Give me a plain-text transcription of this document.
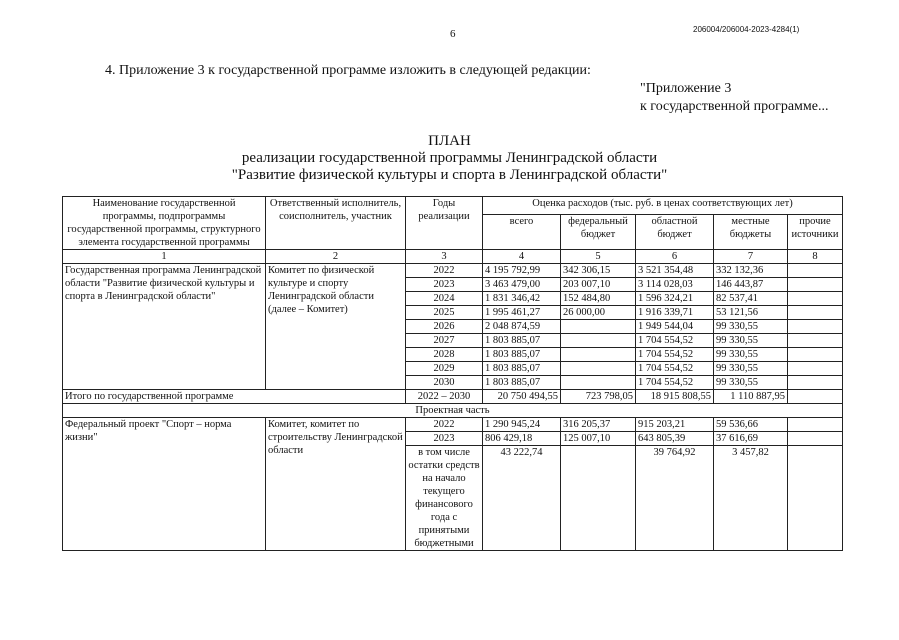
206004/206004-2023-4284(1)
6
4. Приложение 3 к государственной программе изложить в следующей редакции:
"Приложение 3
к государственной программе...
ПЛАН
реализации государственной программы Ленинградской области
"Развитие физической культуры и спорта в Ленинградской области"
Наименование государственной программы, подпрограммы государственной программы, структурного элемента государственной программы	Ответственный исполнитель, соисполнитель, участник	Годы реализации	Оценка расходов (тыс. руб. в ценах соответствующих лет)				
			всего	федеральный бюджет	областной бюджет	местные бюджеты	прочие источники
1	2	3	4	5	6	7	8
Государственная программа Ленинградской области "Развитие физической культуры и спорта в Ленинградской области"	Комитет по физической культуре и спорту Ленинградской области (далее – Комитет)	2022	4 195 792,99	342 306,15	3 521 354,48	332 132,36	
		2023	3 463 479,00	203 007,10	3 114 028,03	146 443,87	
		2024	1 831 346,42	152 484,80	1 596 324,21	82 537,41	
		2025	1 995 461,27	26 000,00	1 916 339,71	53 121,56	
		2026	2 048 874,59		1 949 544,04	99 330,55	
		2027	1 803 885,07		1 704 554,52	99 330,55	
		2028	1 803 885,07		1 704 554,52	99 330,55	
		2029	1 803 885,07		1 704 554,52	99 330,55	
		2030	1 803 885,07		1 704 554,52	99 330,55	
Итого по государственной программе		2022 – 2030	20 750 494,55	723 798,05	18 915 808,55	1 110 887,95	
Проектная часть							
Федеральный проект "Спорт – норма жизни"	Комитет, комитет по строительству Ленинградской области	2022	1 290 945,24	316 205,37	915 203,21	59 536,66	
		2023	806 429,18	125 007,10	643 805,39	37 616,69	
		в том числе остатки средств на начало текущего финансового года с принятыми бюджетными	43 222,74		39 764,92	3 457,82	
